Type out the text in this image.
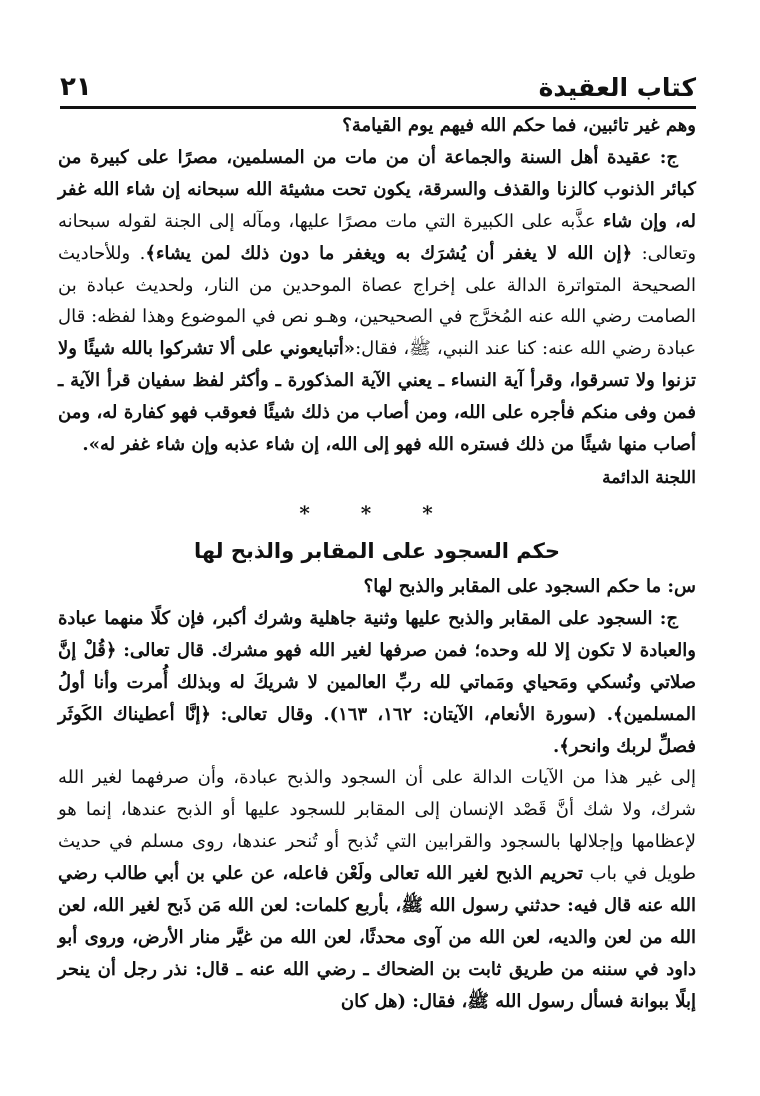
كتاب العقيدة
٢١

وهم غير تائبين، فما حكم الله فيهم يوم القيامة؟

ج: عقيدة أهل السنة والجماعة أن من مات من المسلمين، مصرًا على كبيرة من كبائر الذنوب كالزنا والقذف والسرقة، يكون تحت مشيئة الله سبحانه إن شاء الله غفر له، وإن شاء عذَّبه على الكبيرة التي مات مصرًا عليها، ومآله إلى الجنة لقوله سبحانه وتعالى: ﴿إن الله لا يغفر أن يُشرَك به ويغفر ما دون ذلك لمن يشاء﴾. وللأحاديث الصحيحة المتواترة الدالة على إخراج عصاة الموحدين من النار، ولحديث عبادة بن الصامت رضي الله عنه المُخرَّج في الصحيحين، وهـو نص في الموضوع وهذا لفظه: قال عبادة رضي الله عنه: كنا عند النبي، ﷺ، فقال:«أتبايعوني على ألا تشركوا بالله شيئًا ولا تزنوا ولا تسرقوا، وقرأ آية النساء ـ يعني الآية المذكورة ـ وأكثر لفظ سفيان قرأ الآية ـ فمن وفى منكم فأجره على الله، ومن أصاب من ذلك شيئًا فعوقب فهو كفارة له، ومن أصاب منها شيئًا من ذلك فستره الله فهو إلى الله، إن شاء عذبه وإن شاء غفر له».

اللجنة الدائمة

* * *
حكم السجود على المقابر والذبح لها

س: ما حكم السجود على المقابر والذبح لها؟

ج: السجود على المقابر والذبح عليها وثنية جاهلية وشرك أكبر، فإن كلًا منهما عبادة والعبادة لا تكون إلا لله وحده؛ فمن صرفها لغير الله فهو مشرك. قال تعالى: ﴿قُلْ إنَّ صلاتي ونُسكي ومَحياي ومَماتي لله ربِّ العالمين لا شريكَ له وبذلك أُمرت وأنا أولُ المسلمين﴾. (سورة الأنعام، الآيتان: ١٦٢، ١٦٣). وقال تعالى: ﴿إنَّا أعطيناك الكَوثَر فصلِّ لربك وانحر﴾.

إلى غير هذا من الآيات الدالة على أن السجود والذبح عبادة، وأن صرفهما لغير الله شرك، ولا شك أنَّ قَصْد الإنسان إلى المقابر للسجود عليها أو الذبح عندها، إنما هو لإعظامها وإجلالها بالسجود والقرابين التي تُذبح أو تُنحر عندها، روى مسلم في حديث طويل في باب تحريم الذبح لغير الله تعالى ولَعْن فاعله، عن علي بن أبي طالب رضي الله عنه قال فيه: حدثني رسول الله ﷺ، بأربع كلمات: لعن الله مَن ذَبح لغير الله، لعن الله من لعن والديه، لعن الله من آوى محدثًا، لعن الله من غيَّر منار الأرض، وروى أبو داود في سننه من طريق ثابت بن الضحاك ـ رضي الله عنه ـ قال: نذر رجل أن ينحر إبلًا ببوانة فسأل رسول الله ﷺ، فقال: (هل كان
